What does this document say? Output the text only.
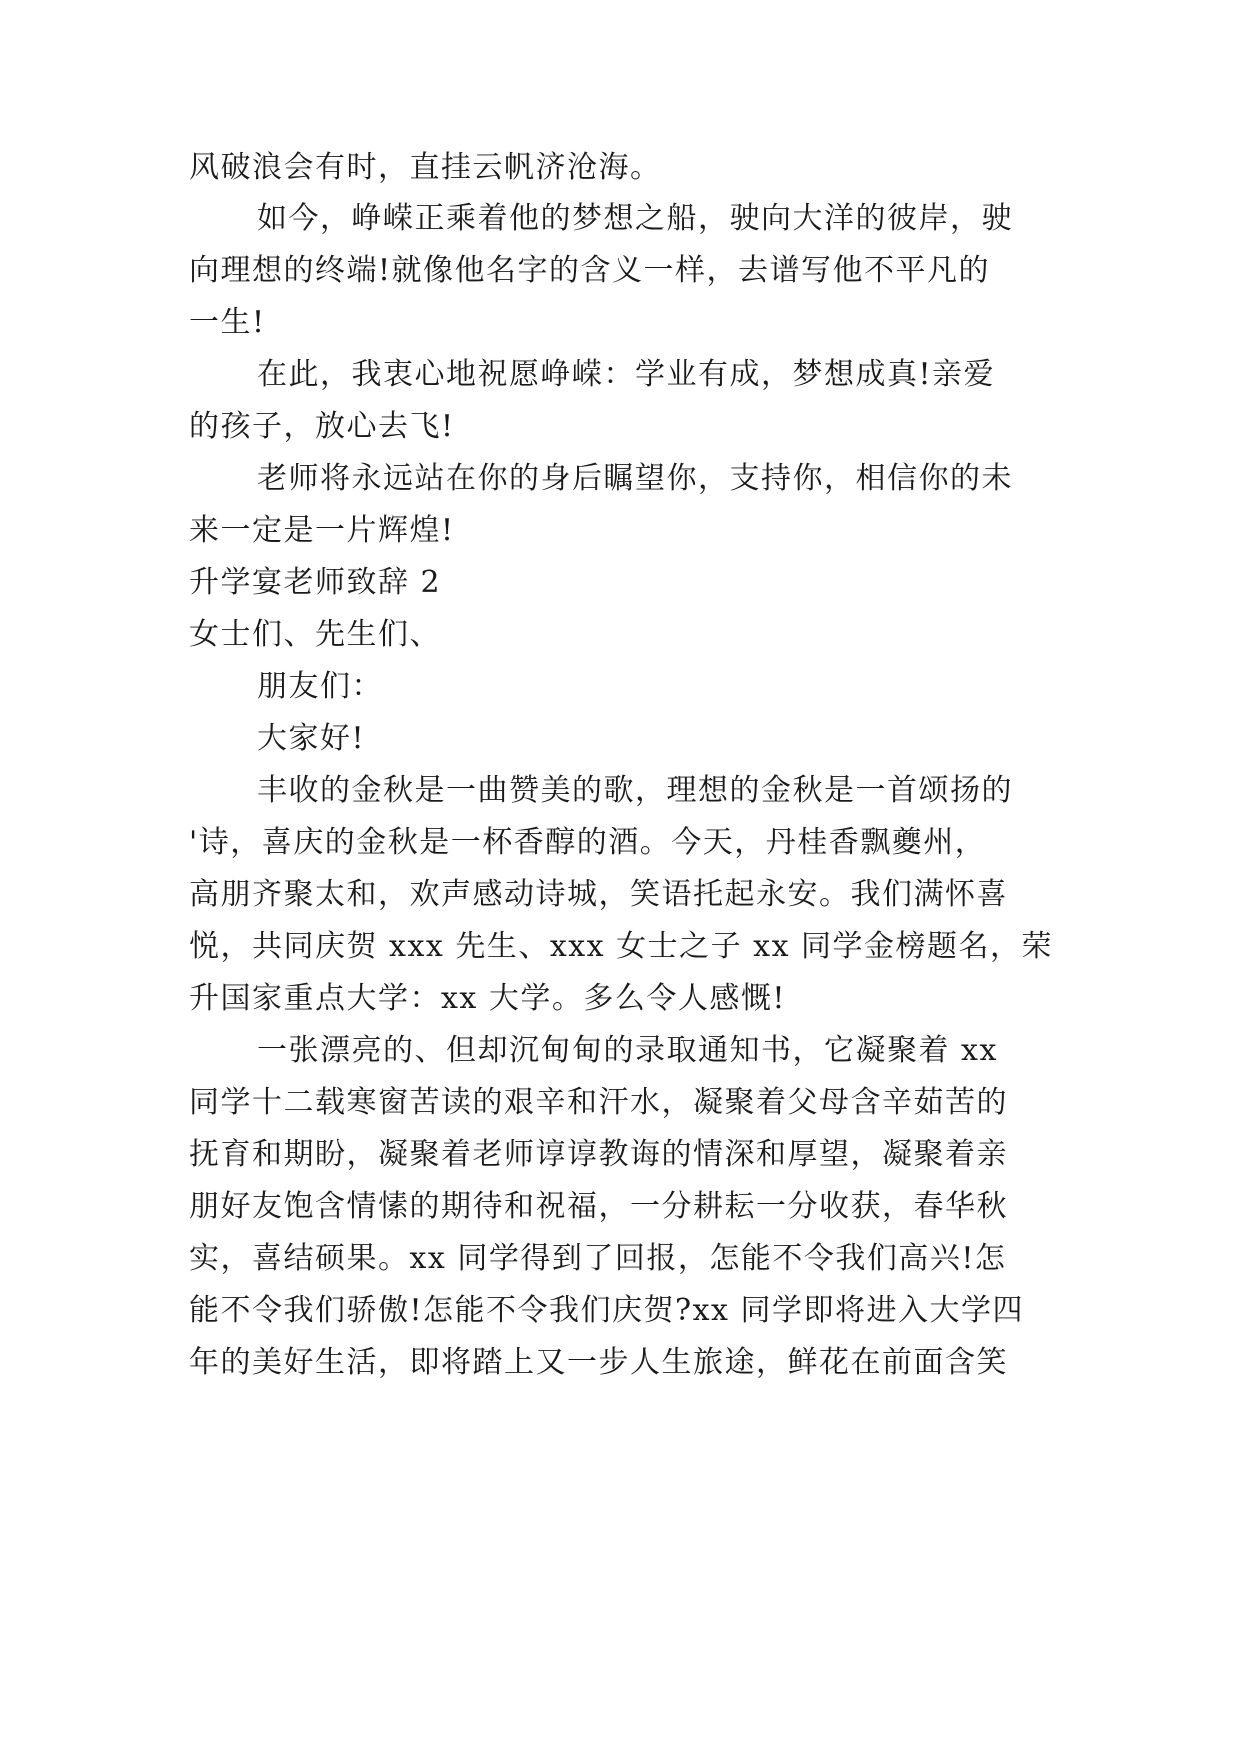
风破浪会有时，直挂云帆济沧海。
如今，峥嵘正乘着他的梦想之船，驶向大洋的彼岸，驶
向理想的终端!就像他名字的含义一样，去谱写他不平凡的
一生!
在此，我衷心地祝愿峥嵘：学业有成，梦想成真!亲爱
的孩子，放心去飞!
老师将永远站在你的身后瞩望你，支持你，相信你的未
来一定是一片辉煌!
升学宴老师致辞 2
女士们、先生们、
朋友们：
大家好!
丰收的金秋是一曲赞美的歌，理想的金秋是一首颂扬的
'诗，喜庆的金秋是一杯香醇的酒。今天，丹桂香飘夔州，
高朋齐聚太和，欢声感动诗城，笑语托起永安。我们满怀喜
悦，共同庆贺 xxx 先生、xxx 女士之子 xx 同学金榜题名，荣
升国家重点大学：xx 大学。多么令人感慨!
一张漂亮的、但却沉甸甸的录取通知书，它凝聚着 xx
同学十二载寒窗苦读的艰辛和汗水，凝聚着父母含辛茹苦的
抚育和期盼，凝聚着老师谆谆教诲的情深和厚望，凝聚着亲
朋好友饱含情愫的期待和祝福，一分耕耘一分收获，春华秋
实，喜结硕果。xx 同学得到了回报，怎能不令我们高兴!怎
能不令我们骄傲!怎能不令我们庆贺?xx 同学即将进入大学四
年的美好生活，即将踏上又一步人生旅途，鲜花在前面含笑
